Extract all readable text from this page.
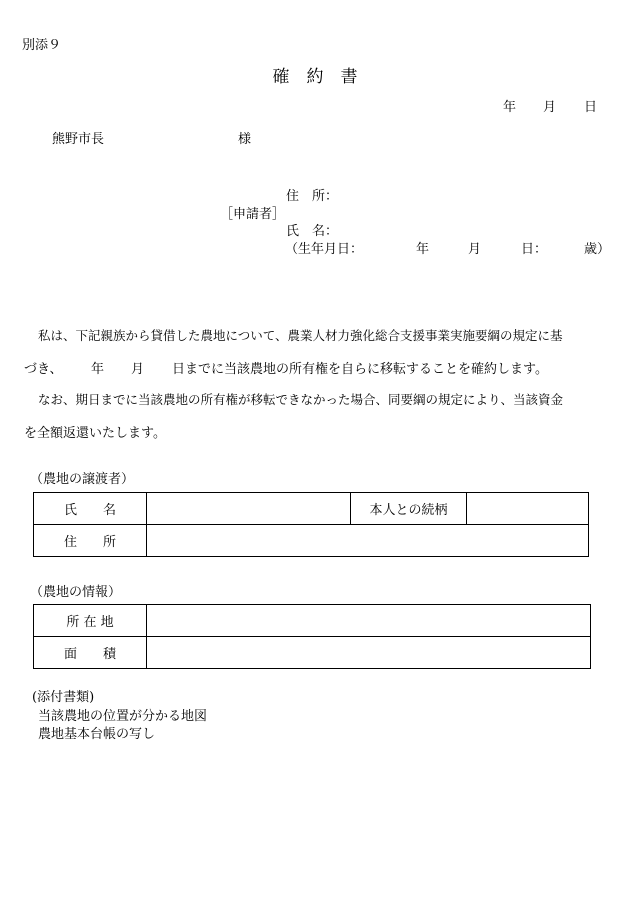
別添９
確　約　書
年 月 日
熊野市長	様
住　所：
［申請者］
氏　名：
（生年月日：	年	月	日：	歳）
私は、下記親族から貸借した農地について、農業人材力強化総合支援事業実施要綱の規定に基
づき、 年 月 日までに当該農地の所有権を自らに移転することを確約します。
なお、期日までに当該農地の所有権が移転できなかった場合、同要綱の規定により、当該資金
を全額返還いたします。
（農地の譲渡者）
氏　　名		本人との続柄	
住　　所			
（農地の情報）
所 在 地	
面　　積	
(添付書類)
当該農地の位置が分かる地図
農地基本台帳の写し
